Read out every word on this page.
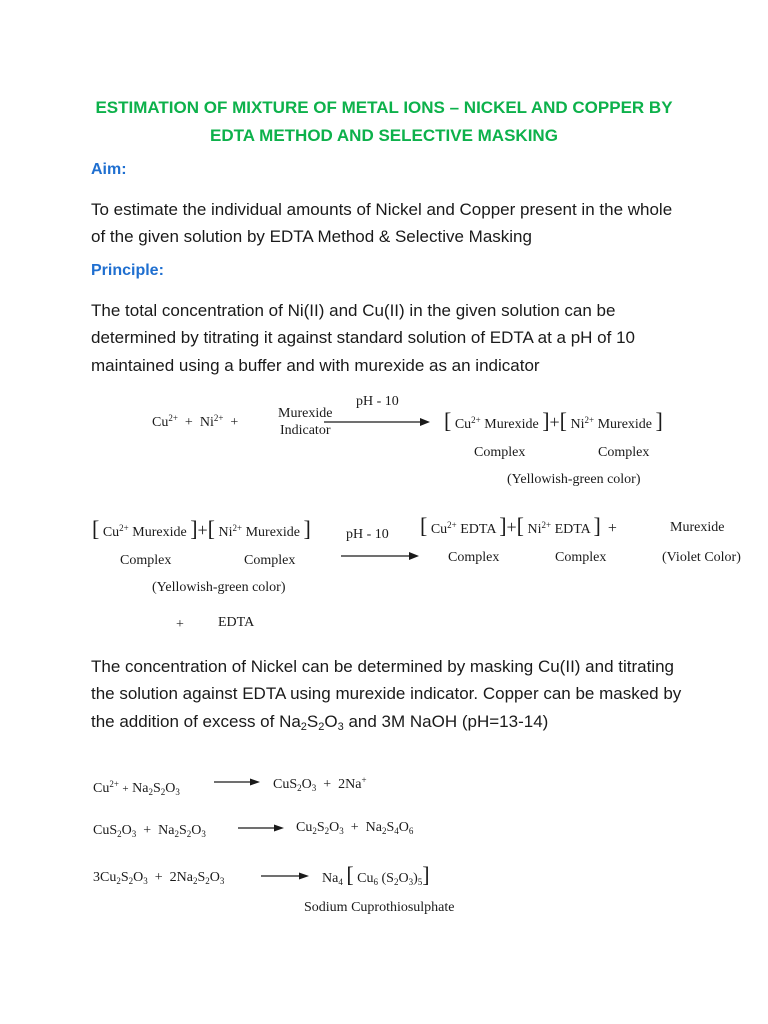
ESTIMATION OF MIXTURE OF METAL IONS – NICKEL AND COPPER BY
EDTA METHOD AND SELECTIVE MASKING
Aim:
To estimate the individual amounts of Nickel and Copper present in the whole of the given solution by EDTA Method & Selective Masking
Principle:
The total concentration of Ni(II) and Cu(II) in the given solution can be determined by titrating it against standard solution of EDTA at a pH of 10 maintained using a buffer and with murexide as an indicator
$Cu^{2+} + Ni^{2+}$ +
Murexide
Indicator
pH - 10
[ $Cu^{2+}$ Murexide ]+[ $Ni^{2+}$ Murexide ]
Complex	Complex
(Yellowish-green color)
[ $Cu^{2+}$ Murexide ]+[ $Ni^{2+}$ Murexide ]
Complex	Complex
(Yellowish-green color)
+ EDTA
pH - 10 [ $Cu^{2+}$ EDTA ]+[ $Ni^{2+}$ EDTA ] +	Murexide
Complex	Complex	(Violet Color)
The concentration of Nickel can be determined by masking Cu(II) and titrating the solution against EDTA using murexide indicator. Copper can be masked by the addition of excess of $Na_2S_2O_3$ and 3M NaOH (pH=13-14)
$Cu^{2+} + Na_2S_2O_3$	$CuS_2O_3 + 2Na^+$
$CuS_2O_3 + Na_2S_2O_3$	$Cu_2S_2O_3 + Na_2S_4O_6$
$3Cu_2S_2O_3 + 2Na_2S_2O_3$	$Na_4$ [ $Cu_6$ $(S_2O_3)_5$]
Sodium Cuprothiosulphate
